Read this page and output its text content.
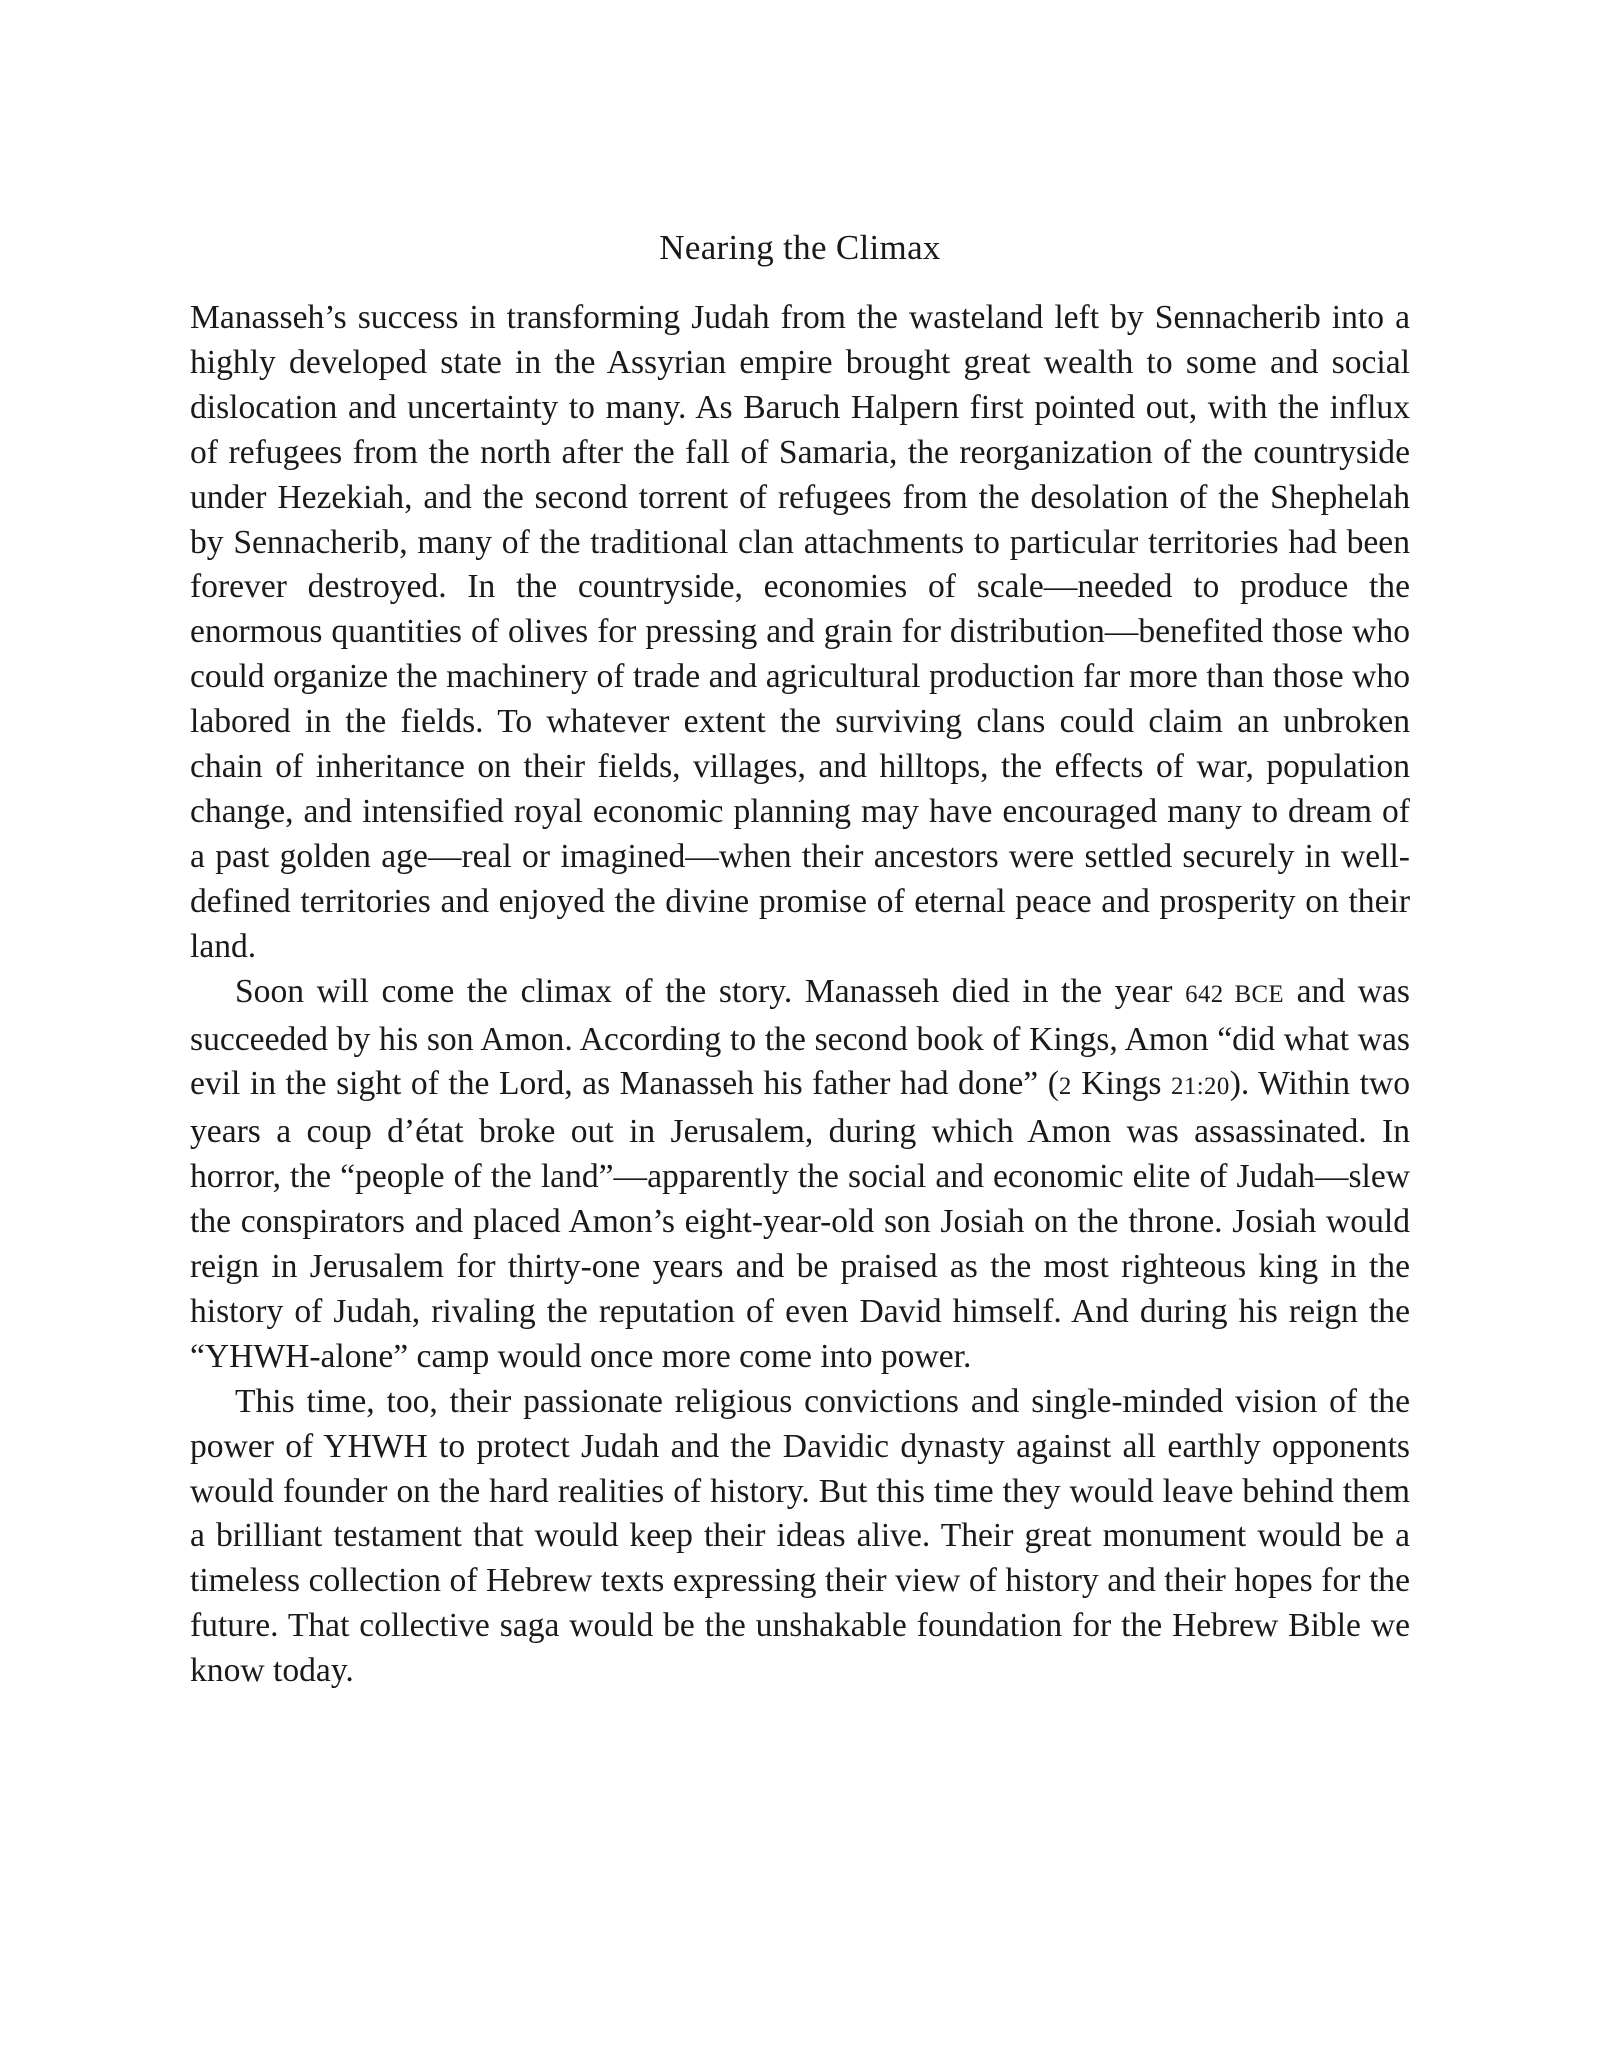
Nearing the Climax

Manasseh’s success in transforming Judah from the wasteland left by Sennacherib into a highly developed state in the Assyrian empire brought great wealth to some and social dislocation and uncertainty to many. As Baruch Halpern first pointed out, with the influx of refugees from the north after the fall of Samaria, the reorganization of the countryside under Hezekiah, and the second torrent of refugees from the desolation of the Shephelah by Sennacherib, many of the traditional clan attachments to particular territories had been forever destroyed. In the countryside, economies of scale—needed to produce the enormous quantities of olives for pressing and grain for distribution—benefited those who could organize the machinery of trade and agricultural production far more than those who labored in the fields. To whatever extent the surviving clans could claim an unbroken chain of inheritance on their fields, villages, and hilltops, the effects of war, population change, and intensified royal economic planning may have encouraged many to dream of a past golden age—real or imagined—when their ancestors were settled securely in well-defined territories and enjoyed the divine promise of eternal peace and prosperity on their land.

Soon will come the climax of the story. Manasseh died in the year 642 BCE and was succeeded by his son Amon. According to the second book of Kings, Amon “did what was evil in the sight of the Lord, as Manasseh his father had done” (2 Kings 21:20). Within two years a coup d’état broke out in Jerusalem, during which Amon was assassinated. In horror, the “people of the land”—apparently the social and economic elite of Judah—slew the conspirators and placed Amon’s eight-year-old son Josiah on the throne. Josiah would reign in Jerusalem for thirty-one years and be praised as the most righteous king in the history of Judah, rivaling the reputation of even David himself. And during his reign the “YHWH-alone” camp would once more come into power.

This time, too, their passionate religious convictions and single-minded vision of the power of YHWH to protect Judah and the Davidic dynasty against all earthly opponents would founder on the hard realities of history. But this time they would leave behind them a brilliant testament that would keep their ideas alive. Their great monument would be a timeless collection of Hebrew texts expressing their view of history and their hopes for the future. That collective saga would be the unshakable foundation for the Hebrew Bible we know today.
